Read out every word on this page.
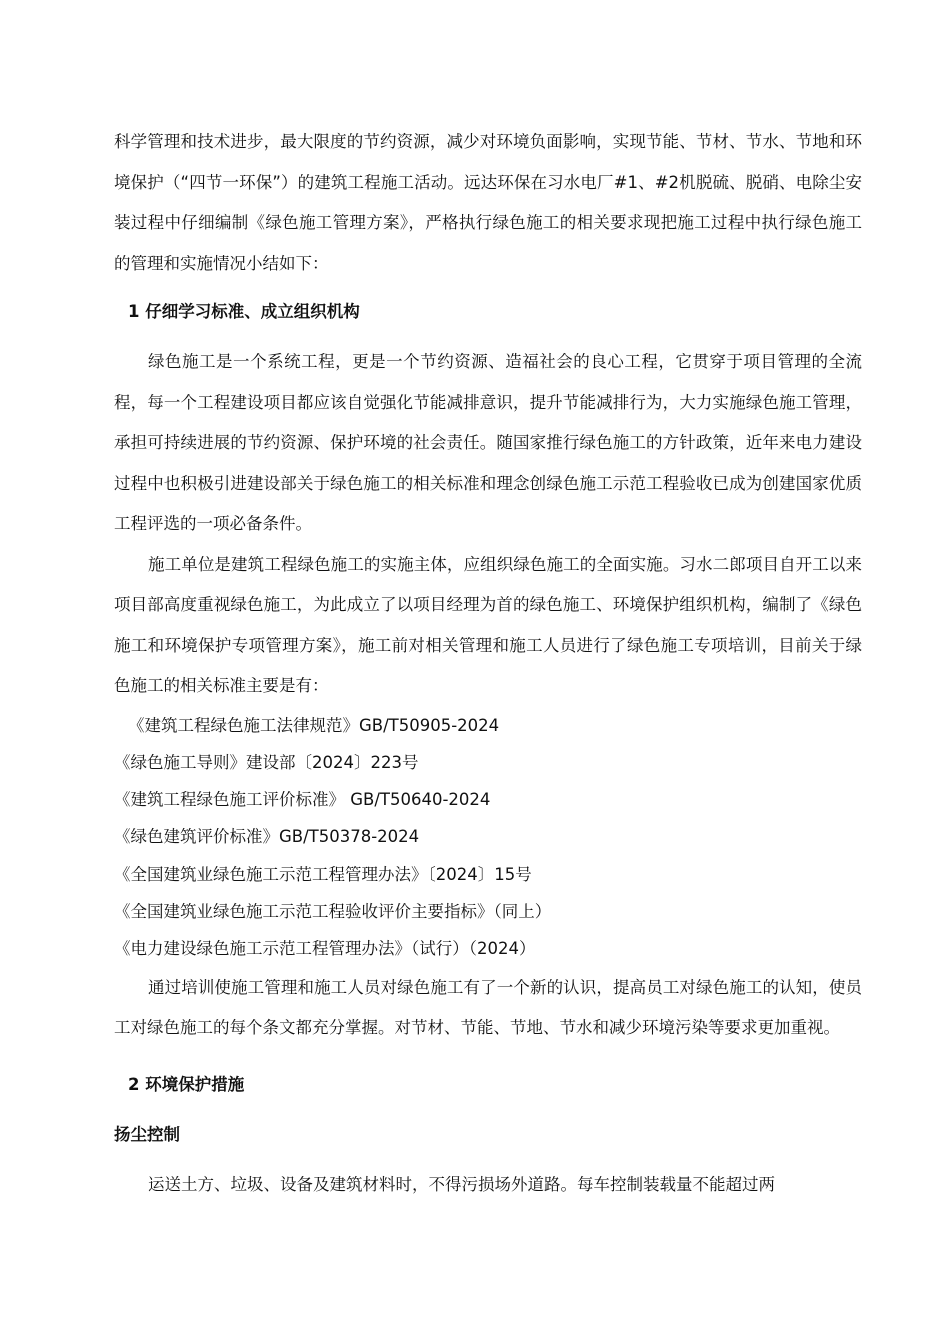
科学管理和技术进步，最大限度的节约资源，减少对环境负面影响，实现节能、节材、节水、节地和环境保护（“四节一环保”）的建筑工程施工活动。远达环保在习水电厂#1、#2机脱硫、脱硝、电除尘安装过程中仔细编制《绿色施工管理方案》，严格执行绿色施工的相关要求现把施工过程中执行绿色施工的管理和实施情况小结如下：

1 仔细学习标准、成立组织机构

绿色施工是一个系统工程，更是一个节约资源、造福社会的良心工程，它贯穿于项目管理的全流程，每一个工程建设项目都应该自觉强化节能减排意识，提升节能减排行为，大力实施绿色施工管理，承担可持续进展的节约资源、保护环境的社会责任。随国家推行绿色施工的方针政策，近年来电力建设过程中也积极引进建设部关于绿色施工的相关标准和理念创绿色施工示范工程验收已成为创建国家优质工程评选的一项必备条件。

施工单位是建筑工程绿色施工的实施主体，应组织绿色施工的全面实施。习水二郎项目自开工以来项目部高度重视绿色施工，为此成立了以项目经理为首的绿色施工、环境保护组织机构，编制了《绿色施工和环境保护专项管理方案》，施工前对相关管理和施工人员进行了绿色施工专项培训，目前关于绿色施工的相关标准主要是有：

《建筑工程绿色施工法律规范》GB/T50905-2024

《绿色施工导则》建设部〔2024〕223号

《建筑工程绿色施工评价标准》 GB/T50640-2024

《绿色建筑评价标准》GB/T50378-2024

《全国建筑业绿色施工示范工程管理办法》〔2024〕15号

《全国建筑业绿色施工示范工程验收评价主要指标》（同上）

《电力建设绿色施工示范工程管理办法》（试行）（2024）

通过培训使施工管理和施工人员对绿色施工有了一个新的认识，提高员工对绿色施工的认知，使员工对绿色施工的每个条文都充分掌握。对节材、节能、节地、节水和减少环境污染等要求更加重视。

2 环境保护措施
扬尘控制

运送土方、垃圾、设备及建筑材料时，不得污损场外道路。每车控制装载量不能超过两
